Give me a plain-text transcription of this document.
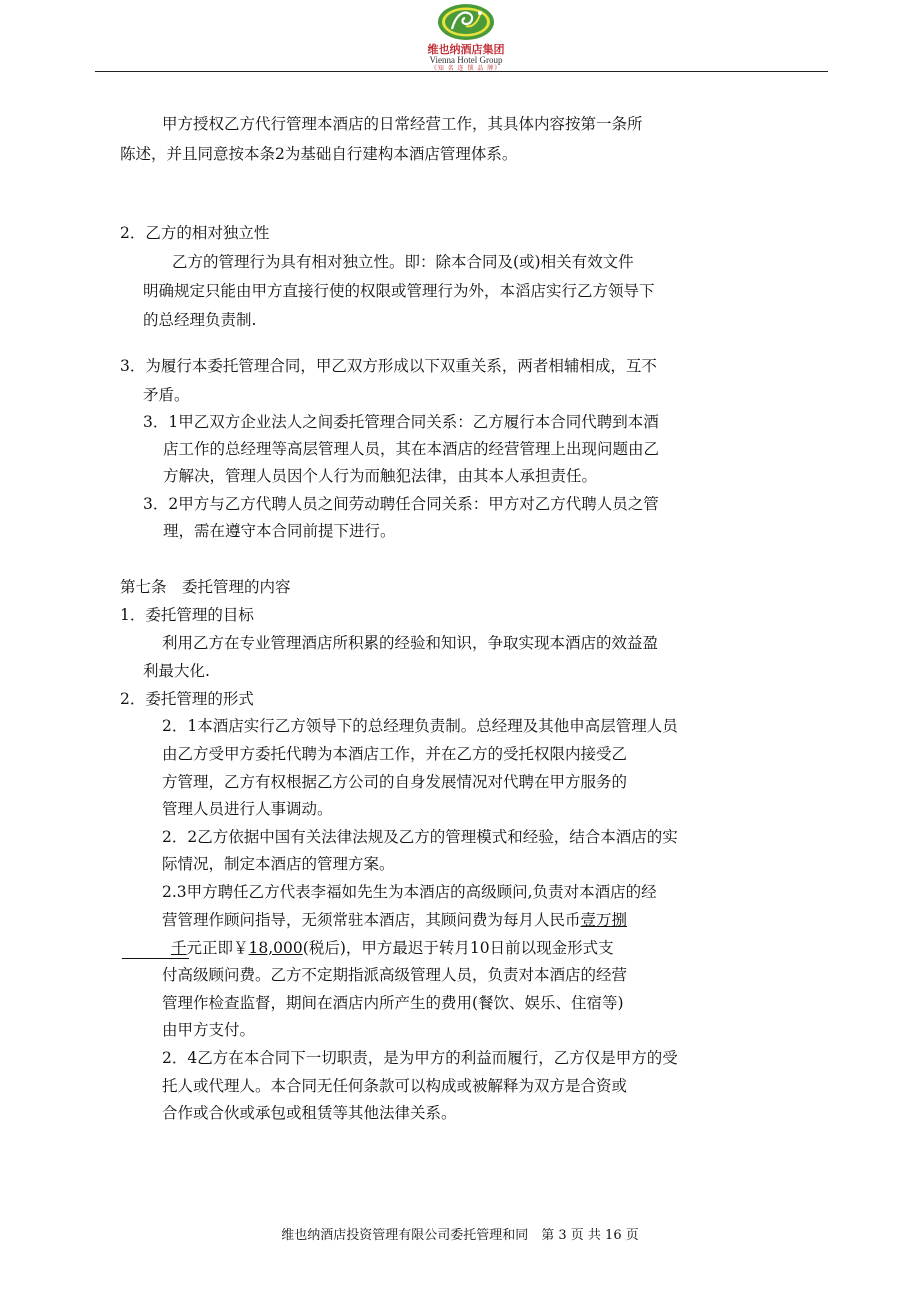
维也纳酒店集团
Vienna Hotel Group
《知 名 连 锁 品 牌》
甲方授权乙方代行管理本酒店的日常经营工作，其具体内容按第一条所
陈述，并且同意按本条2为基础自行建构本酒店管理体系。
2．乙方的相对独立性
乙方的管理行为具有相对独立性。即：除本合同及(或)相关有效文件
明确规定只能由甲方直接行使的权限或管理行为外，本滔店实行乙方领导下
的总经理负责制.
3．为履行本委托管理合同，甲乙双方形成以下双重关系，两者相辅相成，互不
矛盾。
3．1甲乙双方企业法人之间委托管理合同关系：乙方履行本合同代聘到本酒
店工作的总经理等高层管理人员，其在本酒店的经营管理上出现问题由乙
方解决，管理人员因个人行为而触犯法律，由其本人承担责任。
3．2甲方与乙方代聘人员之间劳动聘任合同关系：甲方对乙方代聘人员之管
理，需在遵守本合同前提下进行。
第七条　委托管理的内容
1．委托管理的目标
利用乙方在专业管理酒店所积累的经验和知识，争取实现本酒店的效益盈
利最大化.
2．委托管理的形式
2．1本酒店实行乙方领导下的总经理负责制。总经理及其他申高层管理人员
由乙方受甲方委托代聘为本酒店工作，并在乙方的受托权限内接受乙
方管理，乙方有权根据乙方公司的自身发展情况对代聘在甲方服务的
管理人员进行人事调动。
2．2乙方依据中国有关法律法规及乙方的管理模式和经验，结合本酒店的实
际情况，制定本酒店的管理方案。
2.3甲方聘任乙方代表李福如先生为本酒店的高级顾问,负责对本酒店的经
营管理作顾问指导，无须常驻本酒店，其顾问费为每月人民币壹万捌
千元正即￥18,000(税后)，甲方最迟于转月10日前以现金形式支
付高级顾问费。乙方不定期指派高级管理人员，负责对本酒店的经营
管理作检查监督，期间在酒店内所产生的费用(餐饮、娱乐、住宿等)
由甲方支付。
2．4乙方在本合同下一切职责，是为甲方的利益而履行，乙方仅是甲方的受
托人或代理人。本合同无任何条款可以构成或被解释为双方是合资或
合作或合伙或承包或租赁等其他法律关系。
维也纳酒店投资管理有限公司委托管理和同　第 3 页 共 16 页
